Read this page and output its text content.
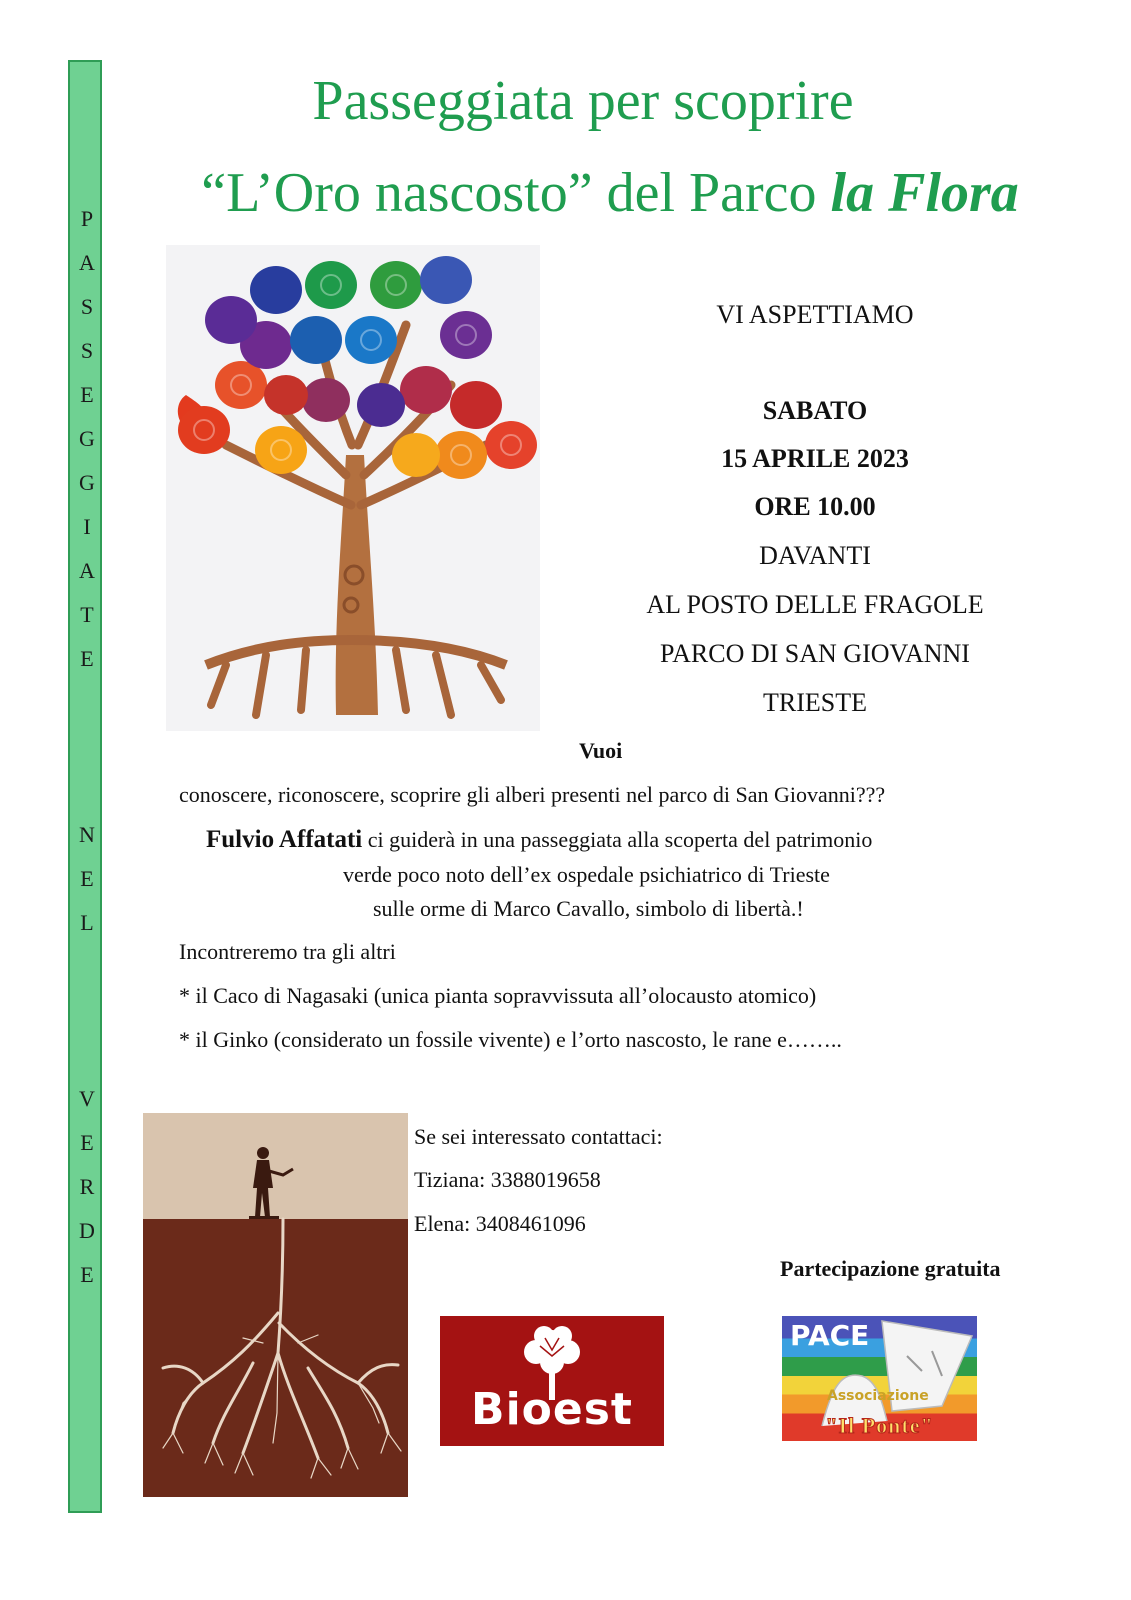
P
A
S
S
E
G
G
I
A
T
E
N
E
L
V
E
R
D
E
Passeggiata per scoprire
“L’Oro nascosto” del Parco la Flora
VI ASPETTIAMO
SABATO
15 APRILE 2023
ORE 10.00
DAVANTI
AL POSTO DELLE FRAGOLE
PARCO DI SAN GIOVANNI
TRIESTE
Vuoi
conoscere, riconoscere, scoprire gli alberi presenti nel parco di San Giovanni???
Fulvio Affatati ci guiderà in una passeggiata alla scoperta del patrimonio
verde poco noto dell’ex ospedale psichiatrico di Trieste
sulle orme di Marco Cavallo, simbolo di libertà.!
Incontreremo tra gli altri
* il Caco di Nagasaki (unica pianta sopravvissuta all’olocausto atomico)
* il Ginko (considerato un fossile vivente) e l’orto nascosto, le rane e……..
Se sei interessato contattaci:
Tiziana: 3388019658
Elena: 3408461096
Partecipazione gratuita
Bioest
PACE
Associazione
"Il Ponte"
